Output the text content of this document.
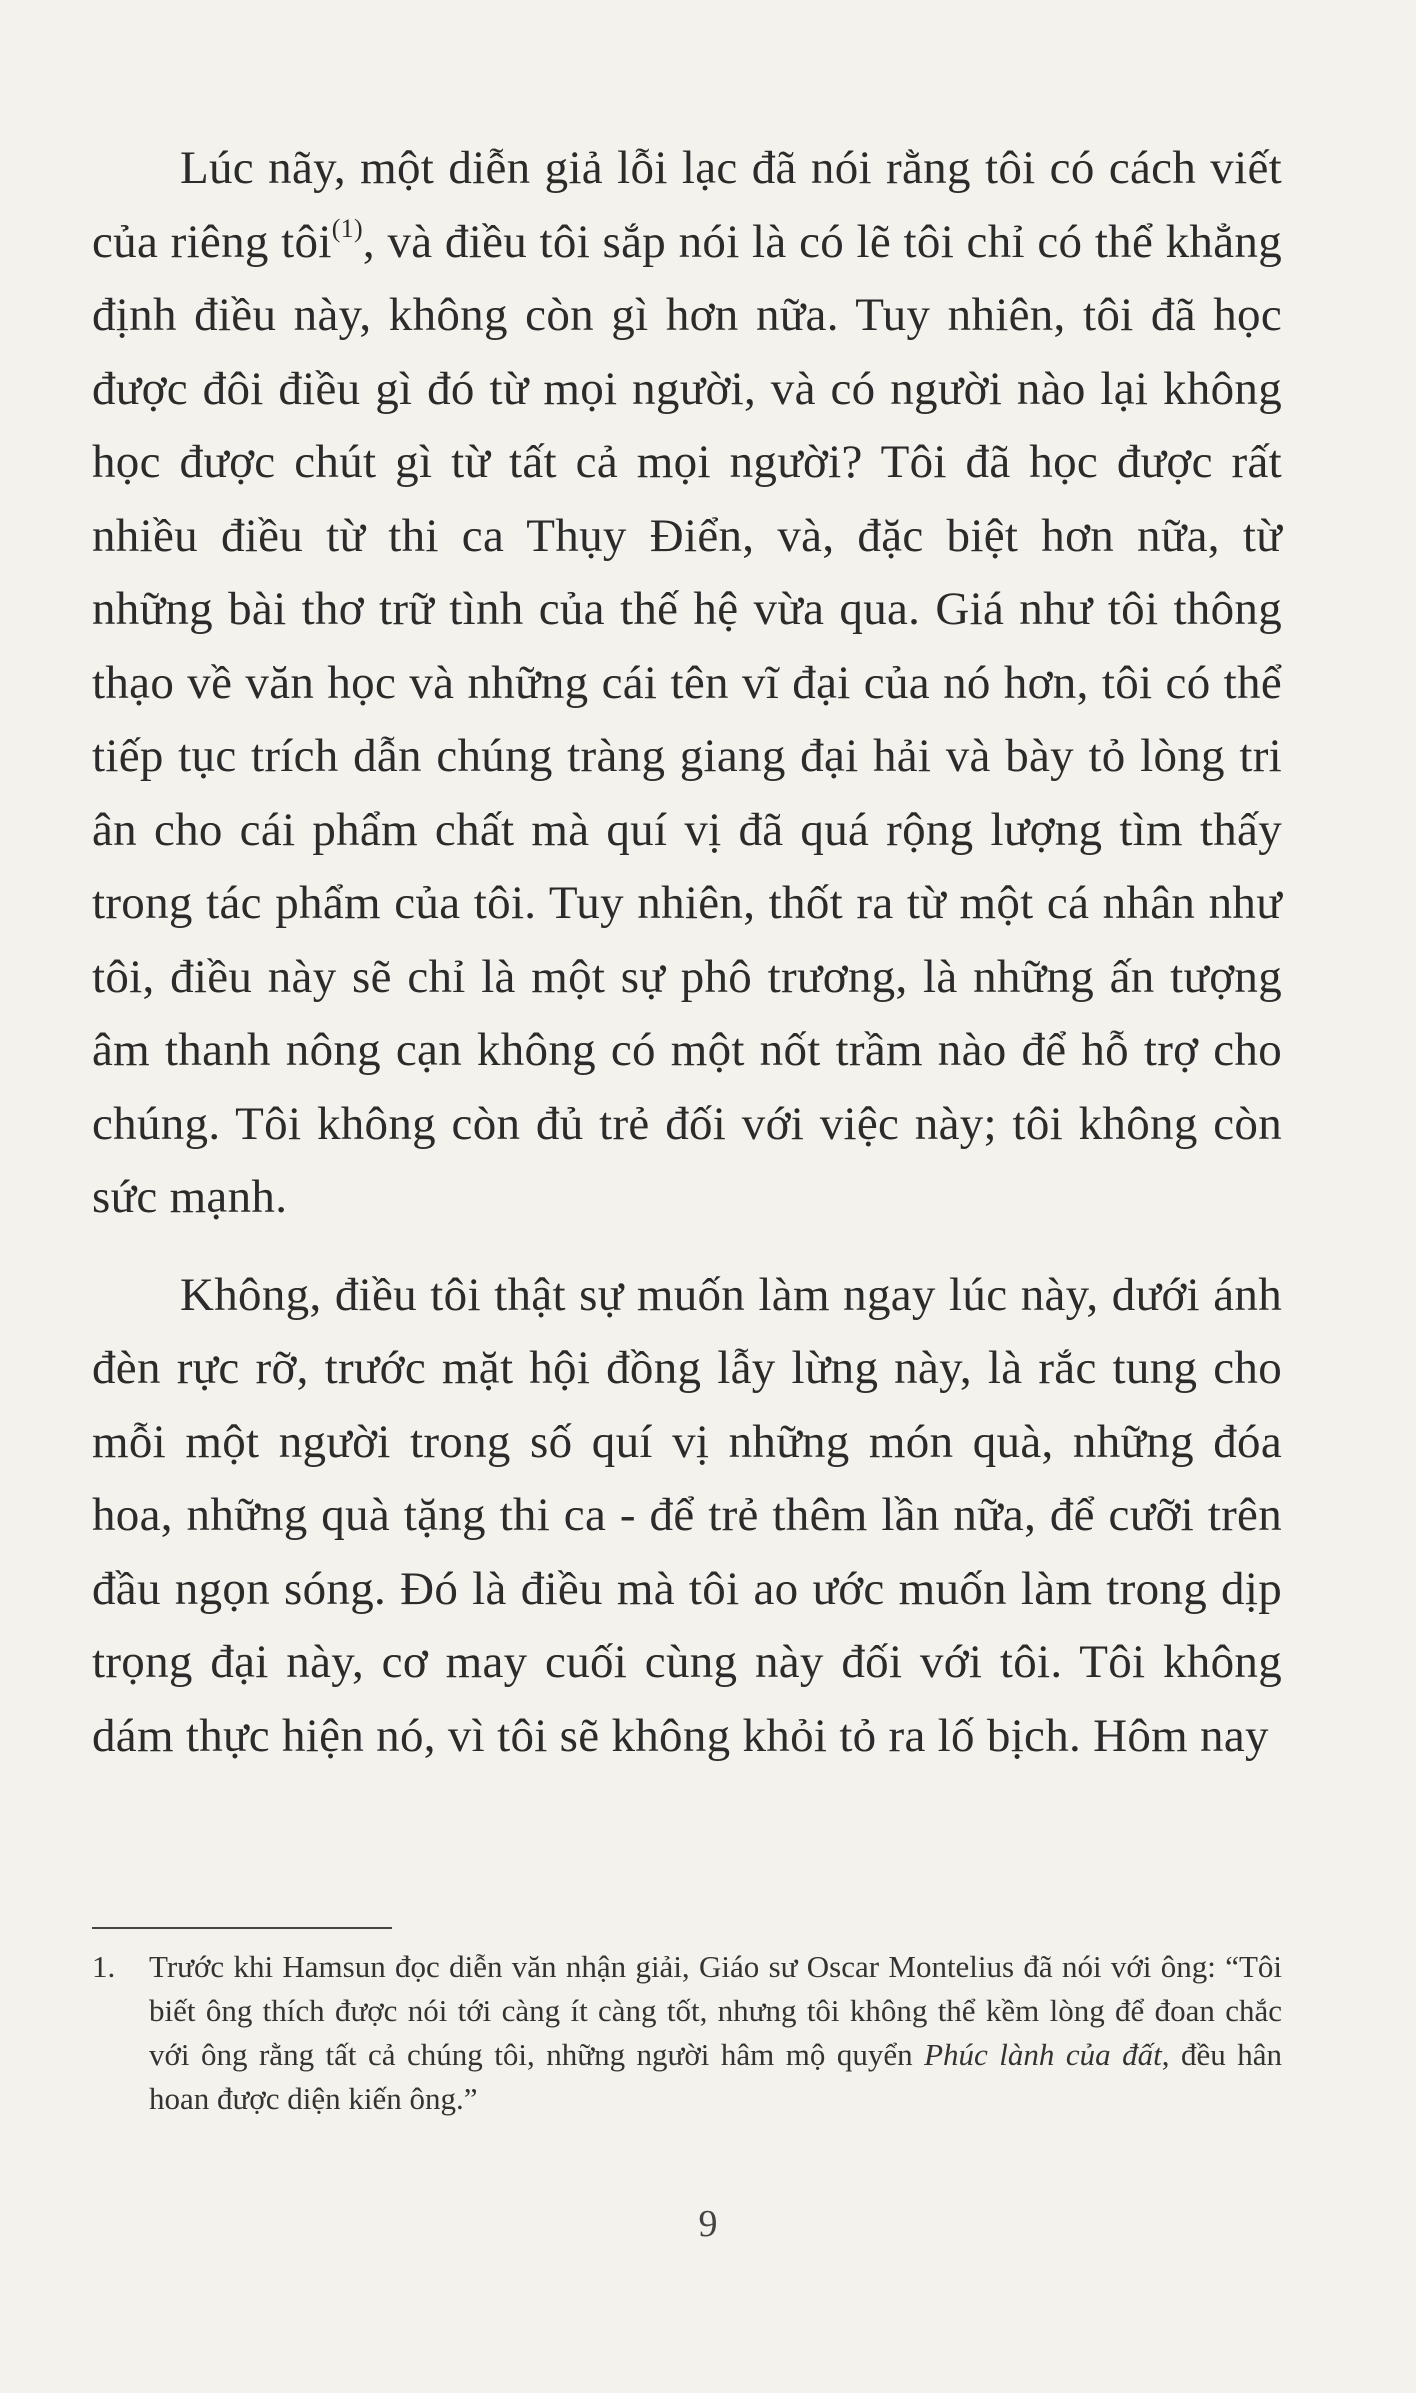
Lúc nãy, một diễn giả lỗi lạc đã nói rằng tôi có cách viết của riêng tôi$^{(1)}$, và điều tôi sắp nói là có lẽ tôi chỉ có thể khẳng định điều này, không còn gì hơn nữa. Tuy nhiên, tôi đã học được đôi điều gì đó từ mọi người, và có người nào lại không học được chút gì từ tất cả mọi người? Tôi đã học được rất nhiều điều từ thi ca Thụy Điển, và, đặc biệt hơn nữa, từ những bài thơ trữ tình của thế hệ vừa qua. Giá như tôi thông thạo về văn học và những cái tên vĩ đại của nó hơn, tôi có thể tiếp tục trích dẫn chúng tràng giang đại hải và bày tỏ lòng tri ân cho cái phẩm chất mà quí vị đã quá rộng lượng tìm thấy trong tác phẩm của tôi. Tuy nhiên, thốt ra từ một cá nhân như tôi, điều này sẽ chỉ là một sự phô trương, là những ấn tượng âm thanh nông cạn không có một nốt trầm nào để hỗ trợ cho chúng. Tôi không còn đủ trẻ đối với việc này; tôi không còn sức mạnh.

Không, điều tôi thật sự muốn làm ngay lúc này, dưới ánh đèn rực rỡ, trước mặt hội đồng lẫy lừng này, là rắc tung cho mỗi một người trong số quí vị những món quà, những đóa hoa, những quà tặng thi ca - để trẻ thêm lần nữa, để cưỡi trên đầu ngọn sóng. Đó là điều mà tôi ao ước muốn làm trong dịp trọng đại này, cơ may cuối cùng này đối với tôi. Tôi không dám thực hiện nó, vì tôi sẽ không khỏi tỏ ra lố bịch. Hôm nay

1. Trước khi Hamsun đọc diễn văn nhận giải, Giáo sư Oscar Montelius đã nói với ông: “Tôi biết ông thích được nói tới càng ít càng tốt, nhưng tôi không thể kềm lòng để đoan chắc với ông rằng tất cả chúng tôi, những người hâm mộ quyển Phúc lành của đất, đều hân hoan được diện kiến ông.”
9
